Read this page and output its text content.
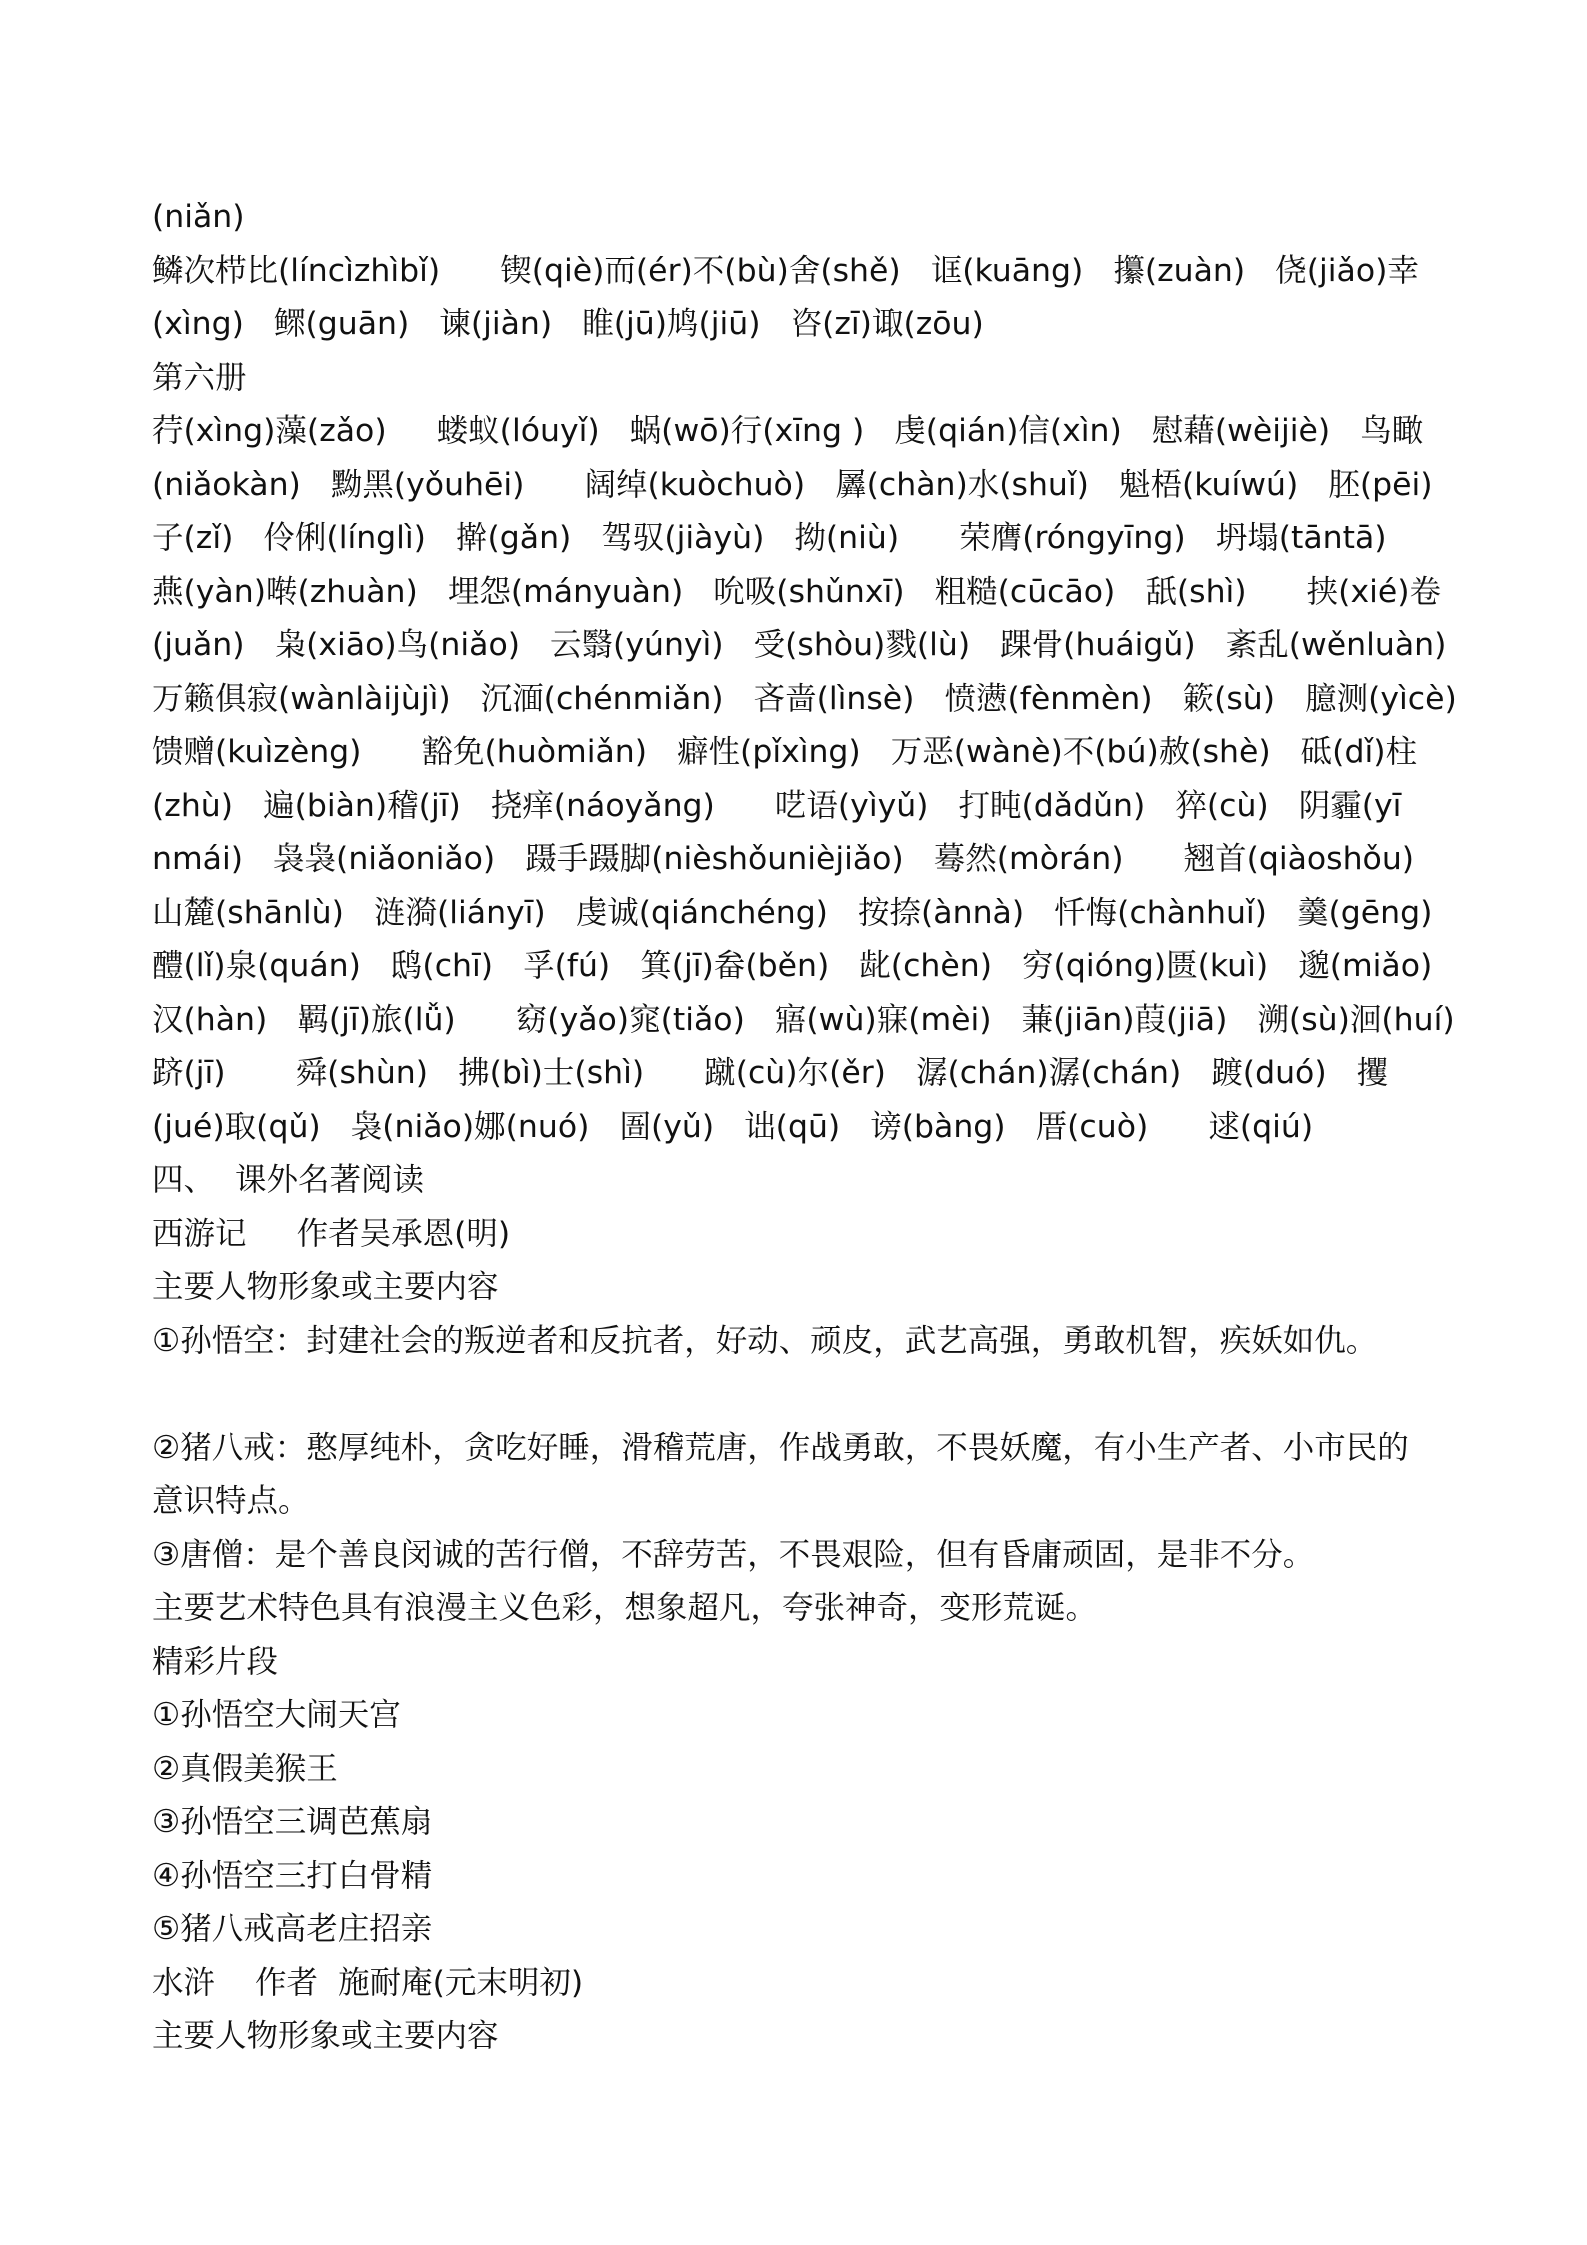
(niǎn)
鳞次栉比(líncìzhìbǐ)      锲(qiè)而(ér)不(bù)舍(shě)   诓(kuāng)   攥(zuàn)   侥(jiǎo)幸
(xìng)   鳏(guān)   谏(jiàn)   睢(jū)鸠(jiū)   咨(zī)诹(zōu)
第六册
荇(xìng)藻(zǎo)     蝼蚁(lóuyǐ)   蜗(wō)行(xīng )   虔(qián)信(xìn)   慰藉(wèijiè)   鸟瞰
(niǎokàn)   黝黑(yǒuhēi)      阔绰(kuòchuò)   羼(chàn)水(shuǐ)   魁梧(kuíwú)   胚(pēi)
子(zǐ)   伶俐(línglì)   擀(gǎn)   驾驭(jiàyù)   拗(niù)      荣膺(róngyīng)   坍塌(tāntā)
燕(yàn)啭(zhuàn)   埋怨(mányuàn)   吮吸(shǔnxī)   粗糙(cūcāo)   舐(shì)      挟(xié)卷
(juǎn)   枭(xiāo)鸟(niǎo)   云翳(yúnyì)   受(shòu)戮(lù)   踝骨(huáigǔ)   紊乱(wěnluàn)
万籁俱寂(wànlàijùjì)   沉湎(chénmiǎn)   吝啬(lìnsè)   愤懑(fènmèn)   簌(sù)   臆测(yìcè)
馈赠(kuìzèng)      豁免(huòmiǎn)   癖性(pǐxìng)   万恶(wànè)不(bú)赦(shè)   砥(dǐ)柱
(zhù)   遍(biàn)稽(jī)   挠痒(náoyǎng)      呓语(yìyǔ)   打盹(dǎdǔn)   猝(cù)   阴霾(yī
nmái)   袅袅(niǎoniǎo)   蹑手蹑脚(nièshǒunièjiǎo)   蓦然(mòrán)      翘首(qiàoshǒu)
山麓(shānlù)   涟漪(liányī)   虔诚(qiánchéng)   按捺(ànnà)   忏悔(chànhuǐ)   羹(gēng)
醴(lǐ)泉(quán)   鸱(chī)   孚(fú)   箕(jī)畚(běn)   龀(chèn)   穷(qióng)匮(kuì)   邈(miǎo)
汉(hàn)   羁(jī)旅(lǚ)      窈(yǎo)窕(tiǎo)   寤(wù)寐(mèi)   蒹(jiān)葭(jiā)   溯(sù)洄(huí)
跻(jī)       舜(shùn)   拂(bì)士(shì)      蹴(cù)尔(ěr)   潺(chán)潺(chán)   踱(duó)   攫
(jué)取(qǔ)   袅(niǎo)娜(nuó)   圄(yǔ)   诎(qū)   谤(bàng)   厝(cuò)      逑(qiú)
四、  课外名著阅读
西游记     作者吴承恩(明)
主要人物形象或主要内容
①孙悟空：封建社会的叛逆者和反抗者，好动、顽皮，武艺高强，勇敢机智，疾妖如仇。
②猪八戒：憨厚纯朴，贪吃好睡，滑稽荒唐，作战勇敢，不畏妖魔，有小生产者、小市民的
意识特点。
③唐僧：是个善良闵诚的苦行僧，不辞劳苦，不畏艰险，但有昏庸顽固，是非不分。
主要艺术特色具有浪漫主义色彩，想象超凡，夸张神奇，变形荒诞。
精彩片段
①孙悟空大闹天宫
②真假美猴王
③孙悟空三调芭蕉扇
④孙悟空三打白骨精
⑤猪八戒高老庄招亲
水浒    作者  施耐庵(元末明初)
主要人物形象或主要内容
